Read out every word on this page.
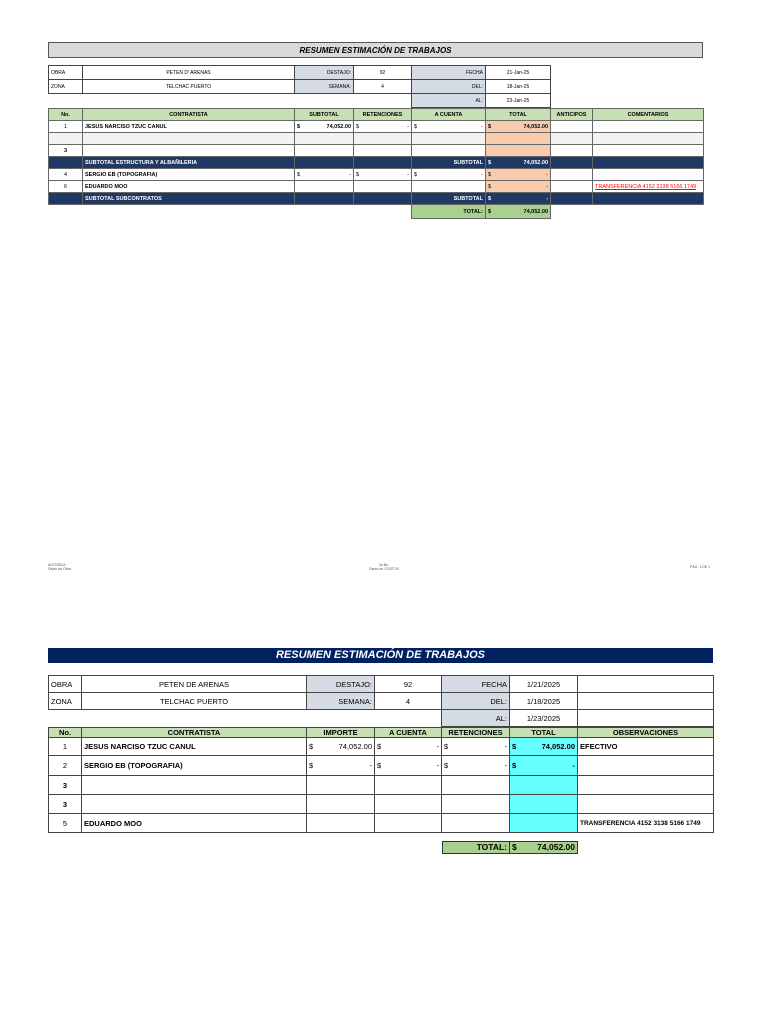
RESUMEN ESTIMACIÓN DE TRABAJOS
OBRA	PETEN D' ARENAS	DESTAJO:	92	FECHA	21-Jan-25
ZONA	TELCHAC PUERTO	SEMANA:	4	DEL:	18-Jan-25
				AL:	23-Jan-25
No.	CONTRATISTA	SUBTOTAL	RETENCIONES	A CUENTA	TOTAL	ANTICIPOS	COMENTARIOS
1	JESUS NARCISO TZUC CANUL	$ 74,052.00	$ -	$ -	$ 74,052.00		

3							
	SUBTOTAL ESTRUCTURA Y ALBAÑILERIA			SUBTOTAL	$ 74,052.00		

4	SERGIO EB (TOPOGRAFIA)	$ -	$ -	$ -	$ -		

6	EDUARDO MOO				$ -		TRANSFERENCIA 4152 3138 5166 1749
	SUBTOTAL SUBCONTRATOS			SUBTOTAL	$ -		

				TOTAL:	$ 74,052.00		

AUTORIZA
Depto de Obra
Vo.Bo.
Depto de COSTOS	PÁG. 1 DE 1
RESUMEN ESTIMACIÓN DE TRABAJOS
OBRA	PETEN DE ARENAS	DESTAJO:	92	FECHA	1/21/2025	
ZONA	TELCHAC PUERTO	SEMANA:	4	DEL:	1/18/2025	
				AL:	1/23/2025	
No.	CONTRATISTA	IMPORTE	A CUENTA	RETENCIONES	TOTAL	OBSERVACIONES
1	JESUS NARCISO TZUC CANUL	$ 74,052.00	$ -	$ -	$ 74,052.00	EFECTIVO
2	SERGIO EB (TOPOGRAFIA)	$ -	$ -	$ -	$ -	

3						
3						
5	EDUARDO MOO					TRANSFERENCIA 4152 3138 5166 1749
TOTAL: $ 74,052.00
